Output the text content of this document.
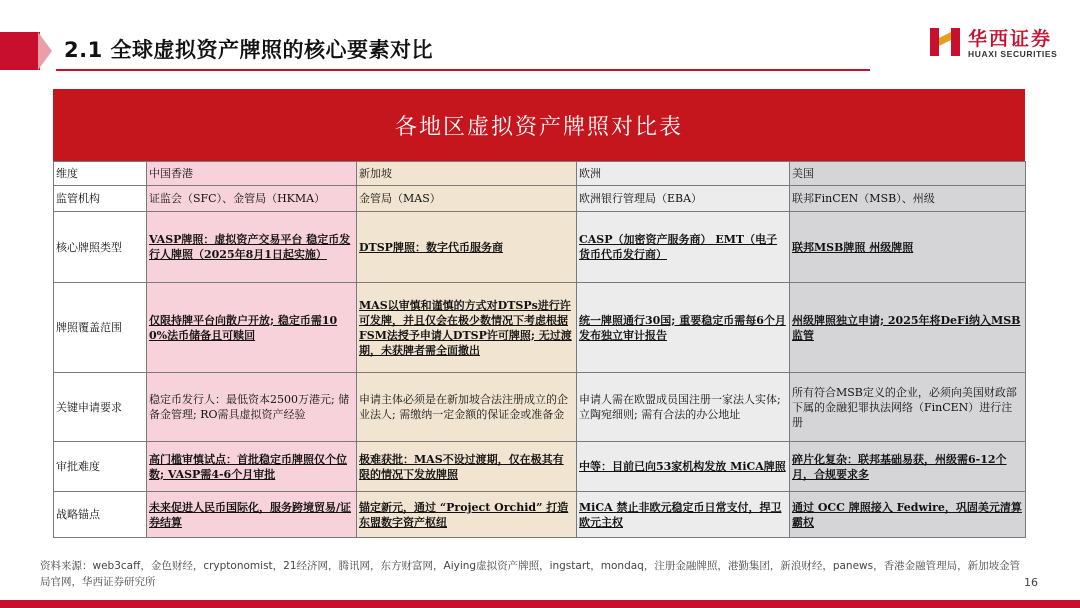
2.1 全球虚拟资产牌照的核心要素对比	华西证券
HUAXI SECURITIES
各地区虚拟资产牌照对比表
维度	中国香港	新加坡	欧洲	美国
监管机构	证监会（SFC）、金管局（HKMA）	金管局（MAS）	欧洲银行管理局（EBA）	联邦FinCEN（MSB）、州级
核心牌照类型	VASP牌照：虚拟资产交易平台 稳定币发行人牌照（2025年8月1日起实施）	DTSP牌照：数字代币服务商	CASP（加密资产服务商） EMT（电子货币代币发行商）	联邦MSB牌照 州级牌照
牌照覆盖范围	仅限持牌平台向散户开放; 稳定币需100%法币储备且可赎回	MAS以审慎和谨慎的方式对DTSPs进行许可发牌，并且仅会在极少数情况下考虑根据FSM法授予申请人DTSP许可牌照; 无过渡期，未获牌者需全面撤出	统一牌照通行30国; 重要稳定币需每6个月发布独立审计报告	州级牌照独立申请; 2025年将DeFi纳入MSB监管
关键申请要求	稳定币发行人：最低资本2500万港元; 储备金管理; RO需具虚拟资产经验	申请主体必须是在新加坡合法注册成立的企业法人; 需缴纳一定金额的保证金或准备金	申请人需在欧盟成员国注册一家法人实体; 立陶宛细则; 需有合法的办公地址	所有符合MSB定义的企业，必须向美国财政部下属的金融犯罪执法网络（FinCEN）进行注册
审批难度	高门槛审慎试点：首批稳定币牌照仅个位数; VASP需4-6个月审批	极难获批：MAS不设过渡期，仅在极其有限的情况下发放牌照	中等：目前已向53家机构发放 MiCA牌照	碎片化复杂：联邦基础易获，州级需6-12个月，合规要求多
战略锚点	未来促进人民币国际化，服务跨境贸易/证券结算	锚定新元，通过 “Project Orchid” 打造东盟数字资产枢纽	MiCA 禁止非欧元稳定币日常支付，捍卫欧元主权	通过 OCC 牌照接入 Fedwire，巩固美元清算霸权
资料来源：web3caff，金色财经，cryptonomist，21经济网，腾讯网，东方财富网，Aiying虚拟资产牌照，ingstart，mondaq，注册金融牌照，港勤集团，新浪财经，panews，香港金融管理局，新加坡金管局官网，华西证券研究所	16
